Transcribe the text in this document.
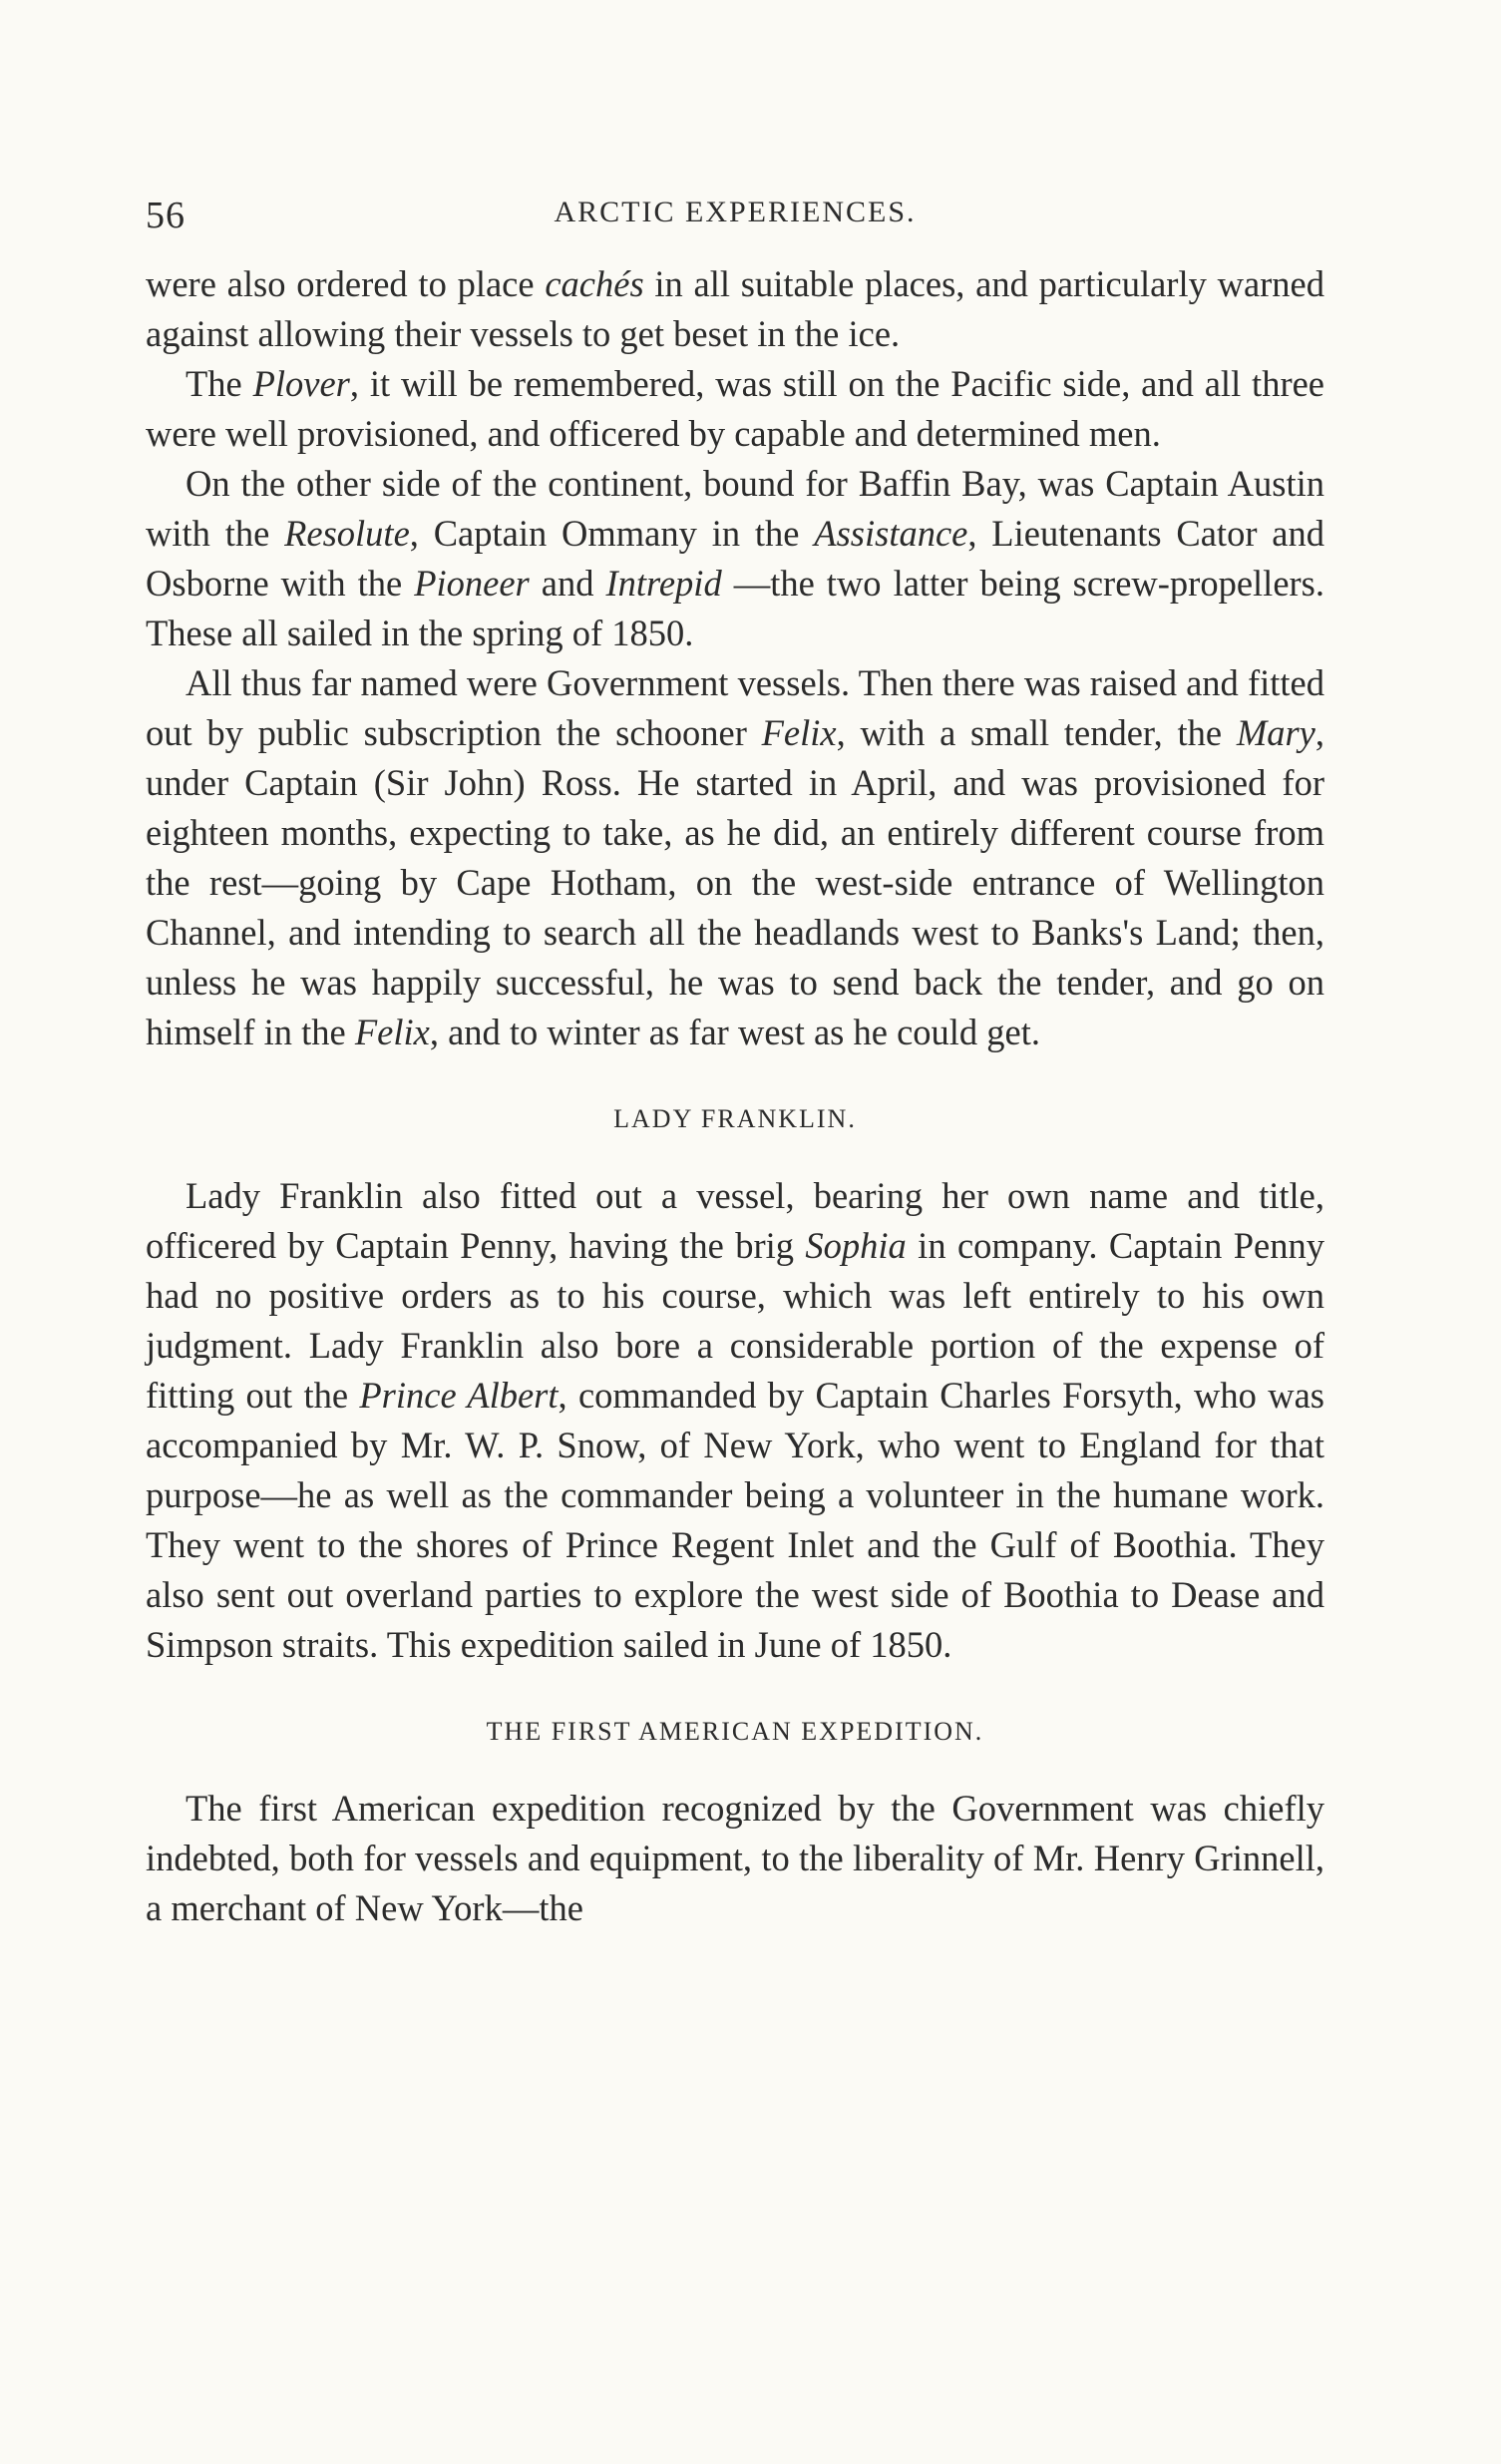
56	ARCTIC EXPERIENCES.

were also ordered to place cachés in all suitable places, and particularly warned against allowing their vessels to get beset in the ice.

The Plover, it will be remembered, was still on the Pacific side, and all three were well provisioned, and officered by capable and determined men.

On the other side of the continent, bound for Baffin Bay, was Captain Austin with the Resolute, Captain Ommany in the Assistance, Lieutenants Cator and Osborne with the Pioneer and Intrepid —the two latter being screw-propellers. These all sailed in the spring of 1850.

All thus far named were Government vessels. Then there was raised and fitted out by public subscription the schooner Felix, with a small tender, the Mary, under Captain (Sir John) Ross. He started in April, and was provisioned for eighteen months, expecting to take, as he did, an entirely different course from the rest—going by Cape Hotham, on the west-side entrance of Wellington Channel, and intending to search all the headlands west to Banks's Land; then, unless he was happily successful, he was to send back the tender, and go on himself in the Felix, and to winter as far west as he could get.

LADY FRANKLIN.

Lady Franklin also fitted out a vessel, bearing her own name and title, officered by Captain Penny, having the brig Sophia in company. Captain Penny had no positive orders as to his course, which was left entirely to his own judgment. Lady Franklin also bore a considerable portion of the expense of fitting out the Prince Albert, commanded by Captain Charles Forsyth, who was accompanied by Mr. W. P. Snow, of New York, who went to England for that purpose—he as well as the commander being a volunteer in the humane work. They went to the shores of Prince Regent Inlet and the Gulf of Boothia. They also sent out overland parties to explore the west side of Boothia to Dease and Simpson straits. This expedition sailed in June of 1850.

THE FIRST AMERICAN EXPEDITION.

The first American expedition recognized by the Government was chiefly indebted, both for vessels and equipment, to the liberality of Mr. Henry Grinnell, a merchant of New York—the
